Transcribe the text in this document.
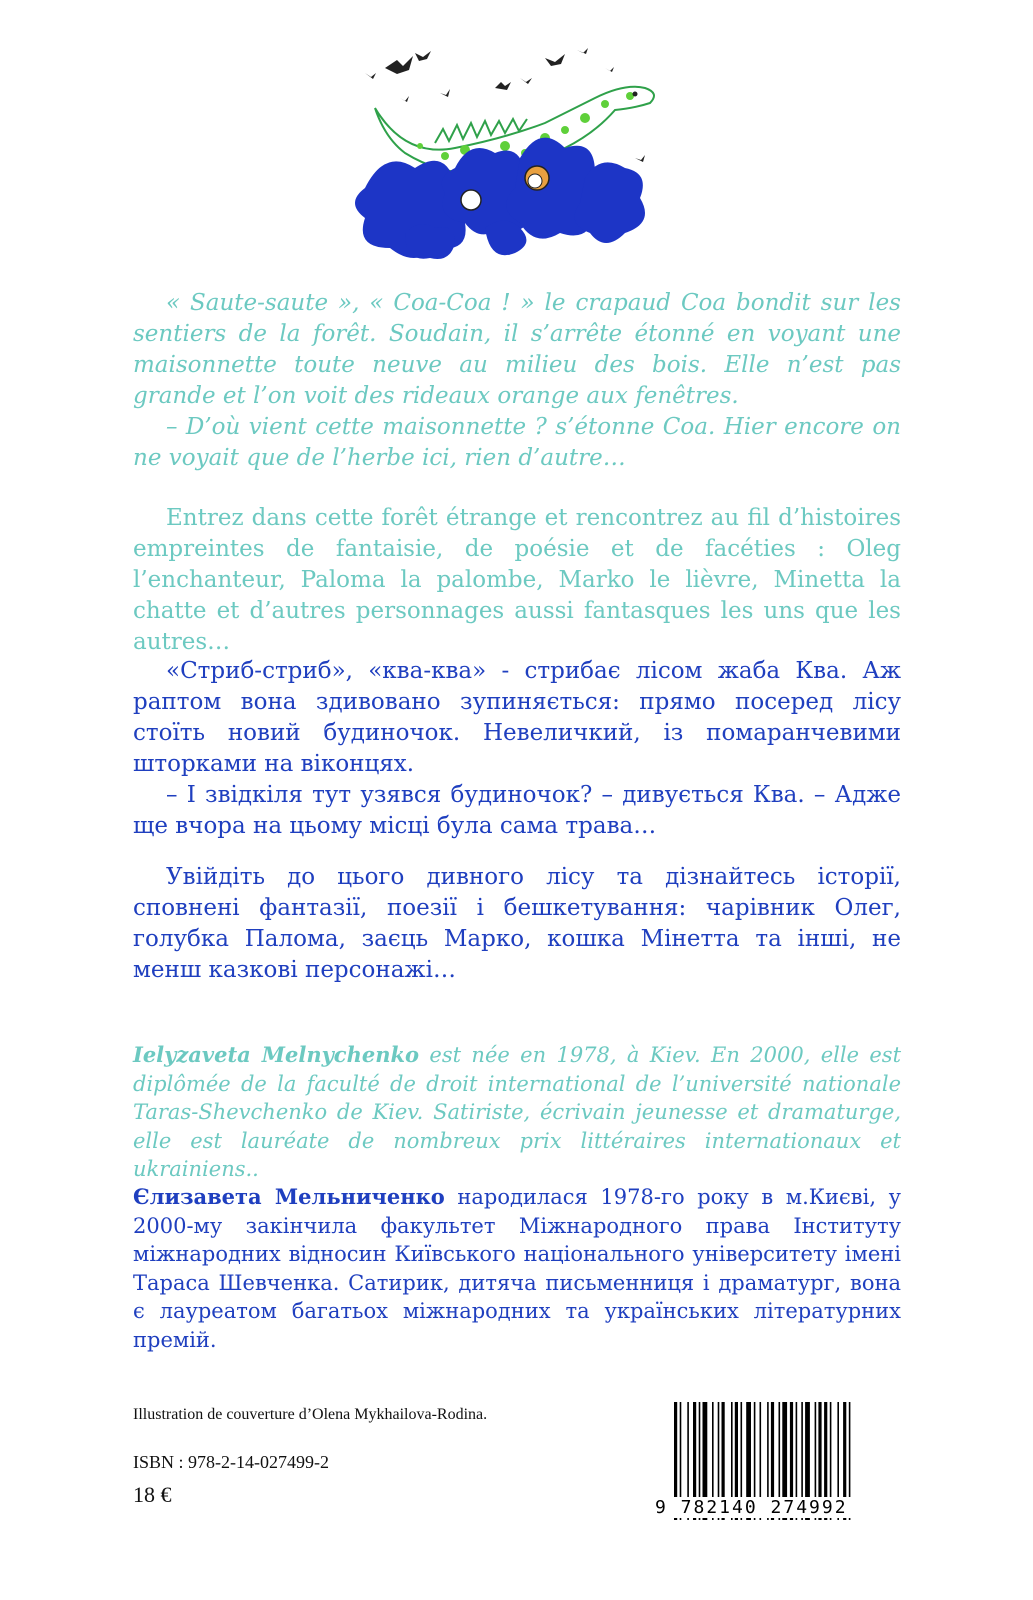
« Saute-saute », « Coa-Coa ! » le crapaud Coa bondit sur les sentiers de la forêt. Soudain, il s’arrête étonné en voyant une maisonnette toute neuve au milieu des bois. Elle n’est pas grande et l’on voit des rideaux orange aux fenêtres.

– D’où vient cette maisonnette ? s’étonne Coa. Hier encore on ne voyait que de l’herbe ici, rien d’autre…

Entrez dans cette forêt étrange et rencontrez au fil d’histoires empreintes de fantaisie, de poésie et de facéties : Oleg l’enchanteur, Paloma la palombe, Marko le lièvre, Minetta la chatte et d’autres personnages aussi fantasques les uns que les autres…

«Стриб-стриб», «ква-ква» - стрибає лісом жаба Ква. Аж раптом вона здивовано зупиняється: прямо посеред лісу стоїть новий будиночок. Невеличкий, із помаранчевими шторками на віконцях.

– І звідкіля тут узявся будиночок? – дивується Ква. – Адже ще вчора на цьому місці була сама трава…

Увійдіть до цього дивного лісу та дізнайтесь історії, сповнені фантазії, поезії і бешкетування: чарівник Олег, голубка Палома, заєць Марко, кошка Мінетта та інші, не менш казкові персонажі…

Ielyzaveta Melnychenko est née en 1978, à Kiev. En 2000, elle est diplômée de la faculté de droit international de l’université nationale Taras-Shevchenko de Kiev. Satiriste, écrivain jeunesse et dramaturge, elle est lauréate de nombreux prix littéraires internationaux et ukrainiens..

Єлизавета Мельниченко народилася 1978-го року в м.Києві, у 2000-му закінчила факультет Міжнародного права Інституту міжнародних відносин Київського національного університету імені Тараса Шевченка. Сатирик, дитяча письменниця і драматург, вона є лауреатом багатьох міжнародних та українських літературних премій.

Illustration de couverture d’Olena Mykhailova-Rodina.
ISBN : 978-2-14-027499-2
18 €
9 782140 274992
